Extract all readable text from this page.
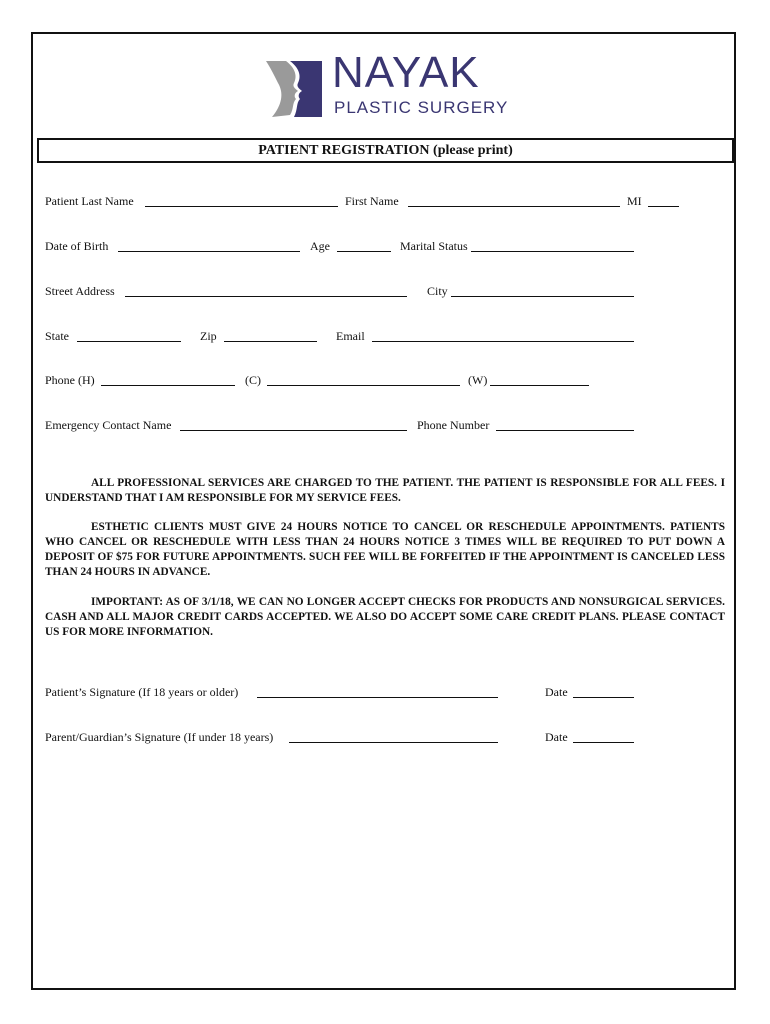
NAYAK
PLASTIC SURGERY
PATIENT REGISTRATION (please print)
Patient Last Name	First Name	MI
Date of Birth	Age	Marital Status
Street Address	City
State	Zip	Email
Phone (H)	(C)	(W)
Emergency Contact Name	Phone Number
ALL PROFESSIONAL SERVICES ARE CHARGED TO THE PATIENT. THE PATIENT IS RESPONSIBLE FOR ALL FEES. I UNDERSTAND THAT I AM RESPONSIBLE FOR MY SERVICE FEES.
ESTHETIC CLIENTS MUST GIVE 24 HOURS NOTICE TO CANCEL OR RESCHEDULE APPOINTMENTS. PATIENTS WHO CANCEL OR RESCHEDULE WITH LESS THAN 24 HOURS NOTICE 3 TIMES WILL BE REQUIRED TO PUT DOWN A DEPOSIT OF $75 FOR FUTURE APPOINTMENTS. SUCH FEE WILL BE FORFEITED IF THE APPOINTMENT IS CANCELED LESS THAN 24 HOURS IN ADVANCE.
IMPORTANT: AS OF 3/1/18, WE CAN NO LONGER ACCEPT CHECKS FOR PRODUCTS AND NONSURGICAL SERVICES. CASH AND ALL MAJOR CREDIT CARDS ACCEPTED. WE ALSO DO ACCEPT SOME CARE CREDIT PLANS. PLEASE CONTACT US FOR MORE INFORMATION.
Patient’s Signature (If 18 years or older)	Date
Parent/Guardian’s Signature (If under 18 years)	Date
